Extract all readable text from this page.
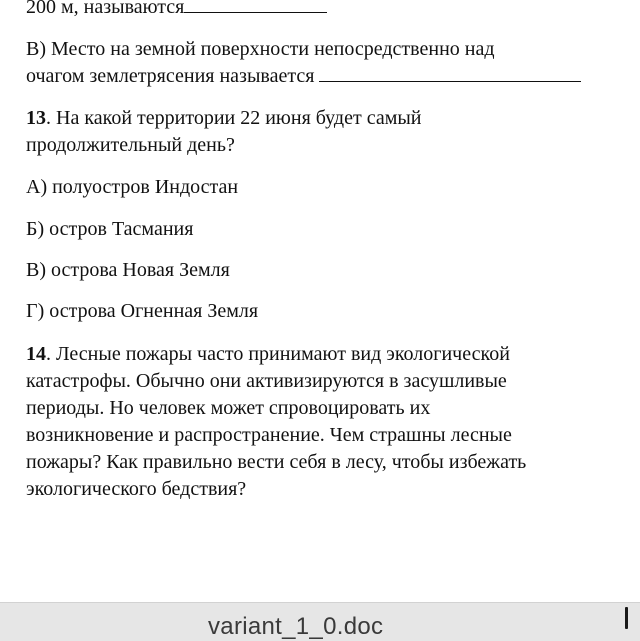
200 м, называются

В) Место на земной поверхности непосредственно над

очагом землетрясения называется

13. На какой территории 22 июня будет самый

продолжительный день?

А) полуостров Индостан

Б) остров Тасмания

В) острова Новая Земля

Г) острова Огненная Земля

14. Лесные пожары часто принимают вид экологической

катастрофы. Обычно они активизируются в засушливые

периоды. Но человек может спровоцировать их

возникновение и распространение. Чем страшны лесные

пожары? Как правильно вести себя в лесу, чтобы избежать

экологического бедствия?

variant_1_0.doc
